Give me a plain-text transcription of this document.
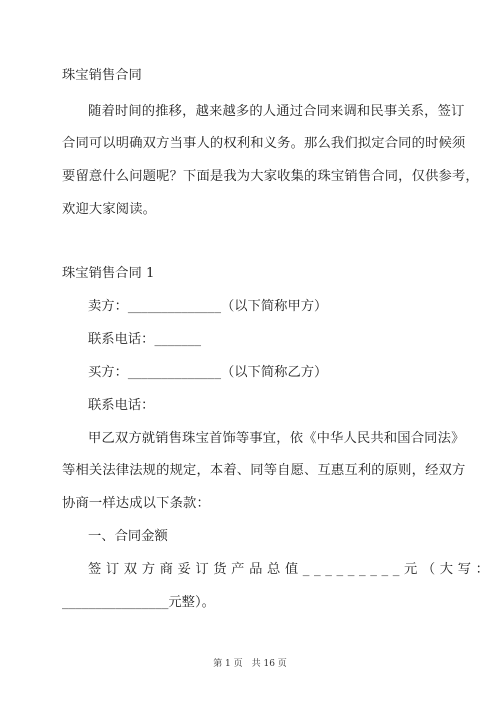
珠宝销售合同
随着时间的推移，越来越多的人通过合同来调和民事关系，签订
合同可以明确双方当事人的权利和义务。那么我们拟定合同的时候须
要留意什么问题呢？下面是我为大家收集的珠宝销售合同，仅供参考，
欢迎大家阅读。
珠宝销售合同 1
卖方：______________（以下简称甲方）
联系电话：_______
买方：______________（以下简称乙方）
联系电话：
甲乙双方就销售珠宝首饰等事宜，依《中华人民共和国合同法》
等相关法律法规的规定，本着、同等自愿、互惠互利的原则，经双方
协商一样达成以下条款：
一、合同金额
签订双方商妥订货产品总值_________元（大写：
________________元整）。
第 1 页　共 16 页
